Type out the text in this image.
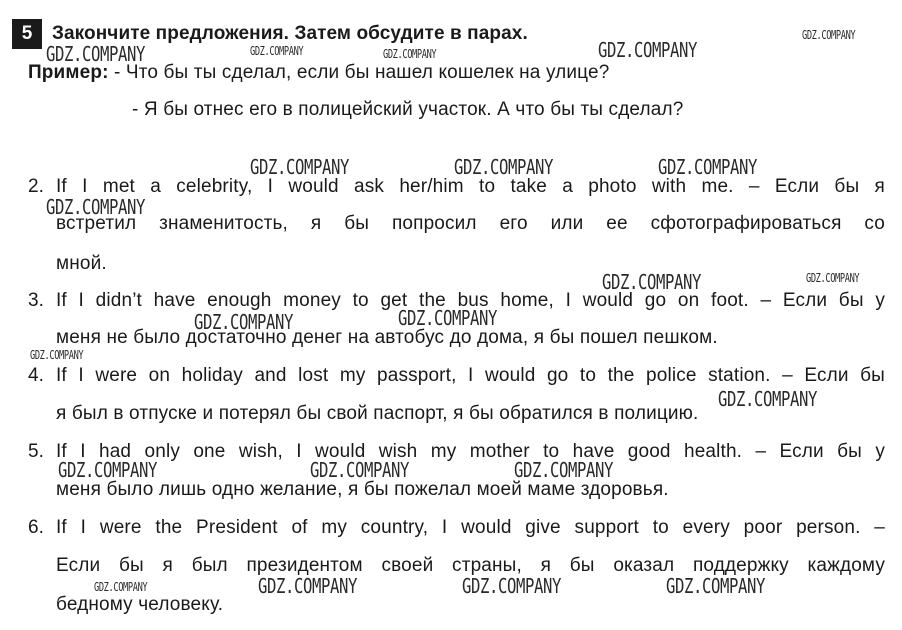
5	Закончите предложения. Затем обсудите в парах.
Пример: - Что бы ты сделал, если бы нашел кошелек на улице?
- Я бы отнес его в полицейский участок. А что бы ты сделал?
2. If I met a celebrity, I would ask her/him to take a photo with me. – Если бы я
встретил знаменитость, я бы попросил его или ее сфотографироваться со
мной.
3. If I didn’t have enough money to get the bus home, I would go on foot. – Если бы у
меня не было достаточно денег на автобус до дома, я бы пошел пешком.
4. If I were on holiday and lost my passport, I would go to the police station. – Если бы
я был в отпуске и потерял бы свой паспорт, я бы обратился в полицию.
5. If I had only one wish, I would wish my mother to have good health. – Если бы у
меня было лишь одно желание, я бы пожелал моей маме здоровья.
6. If I were the President of my country, I would give support to every poor person. –
Если бы я был президентом своей страны, я бы оказал поддержку каждому
бедному человеку.
GDZ.COMPANY	GDZ.COMPANY	GDZ.COMPANY	GDZ.COMPANY
GDZ.COMPANY
GDZ.COMPANY	GDZ.COMPANY	GDZ.COMPANY
GDZ.COMPANY
GDZ.COMPANY	GDZ.COMPANY
GDZ.COMPANY	GDZ.COMPANY
GDZ.COMPANY
GDZ.COMPANY
GDZ.COMPANY	GDZ.COMPANY	GDZ.COMPANY
GDZ.COMPANY	GDZ.COMPANY	GDZ.COMPANY	GDZ.COMPANY
